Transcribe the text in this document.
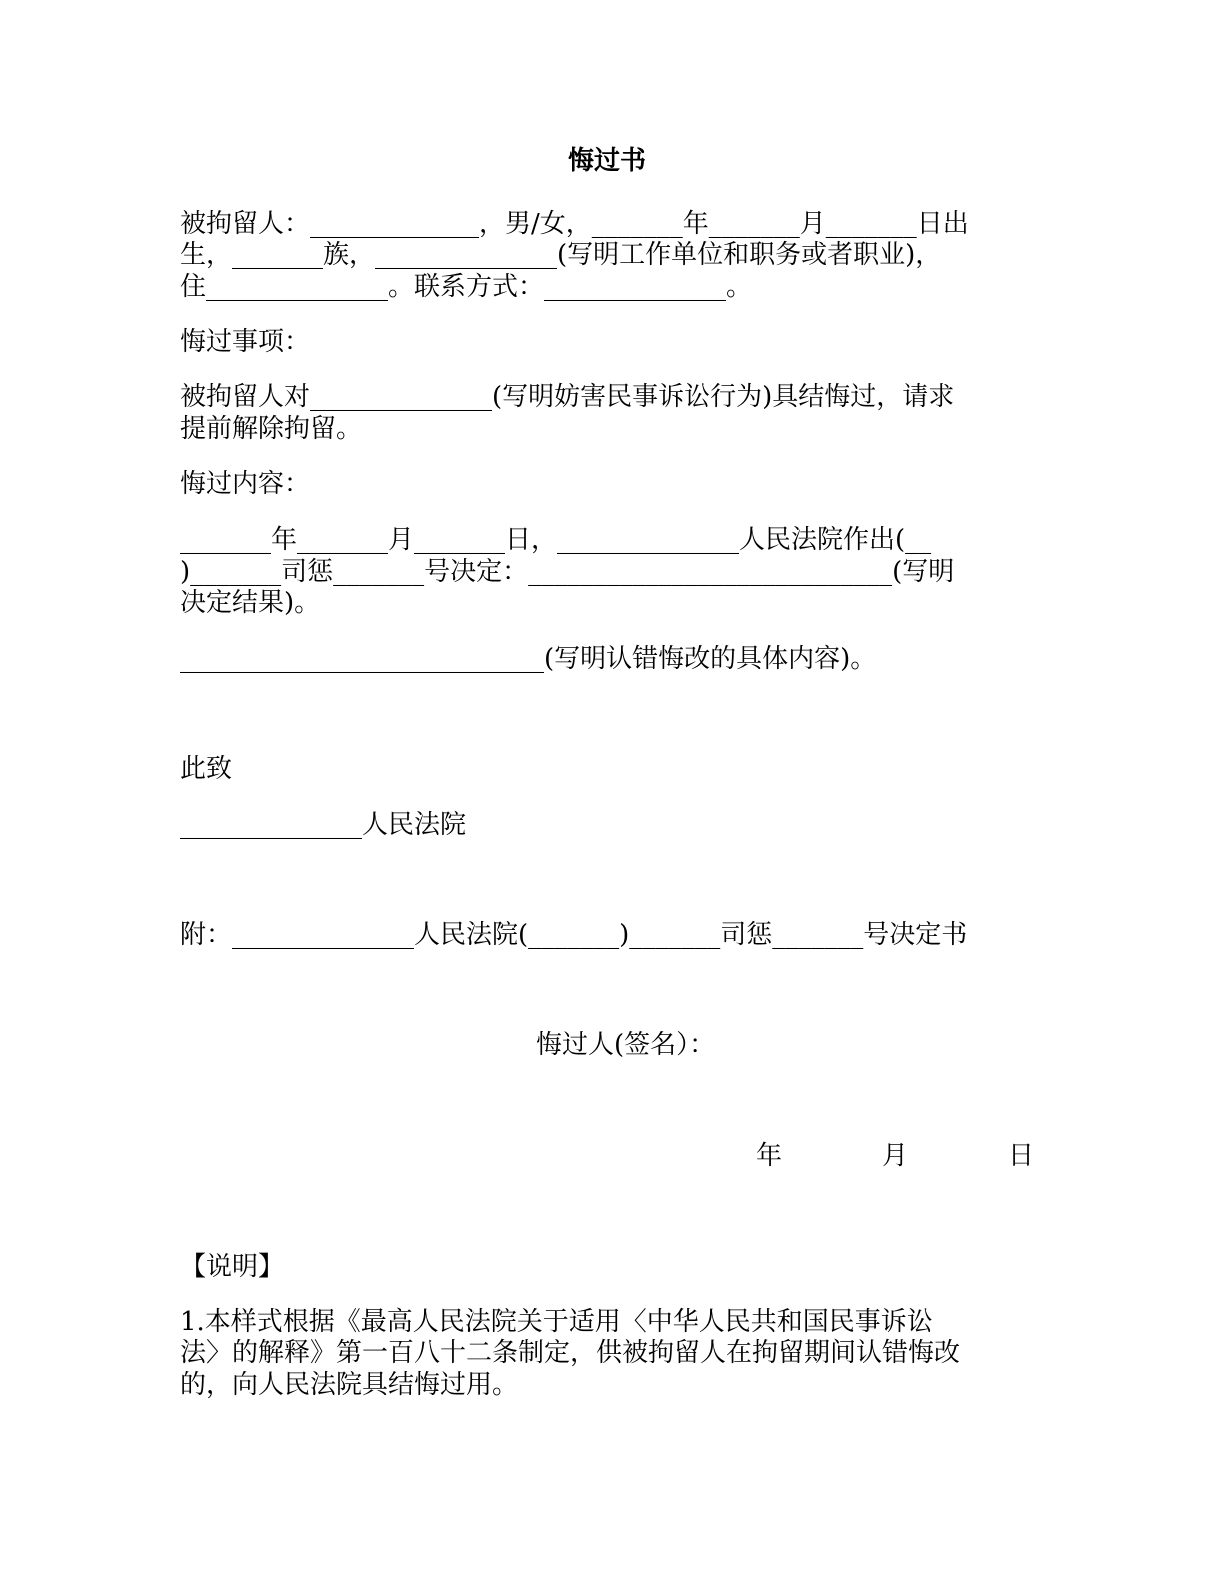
悔过书

被拘留人：_____________，男/女，_______年_______月_______日出

生，_______族，______________(写明工作单位和职务或者职业)，

住______________。联系方式：______________。

悔过事项：

被拘留人对______________(写明妨害民事诉讼行为)具结悔过，请求

提前解除拘留。

悔过内容：

_______年_______月_______日，______________人民法院作出(__

)_______司惩_______号决定：____________________________(写明

决定结果)。

____________________________(写明认错悔改的具体内容)。

此致

______________人民法院

附：______________人民法院(_______)_______司惩_______号决定书

悔过人(签名）：
年	月	日

【说明】

1.本样式根据《最高人民法院关于适用〈中华人民共和国民事诉讼

法〉的解释》第一百八十二条制定，供被拘留人在拘留期间认错悔改

的，向人民法院具结悔过用。
